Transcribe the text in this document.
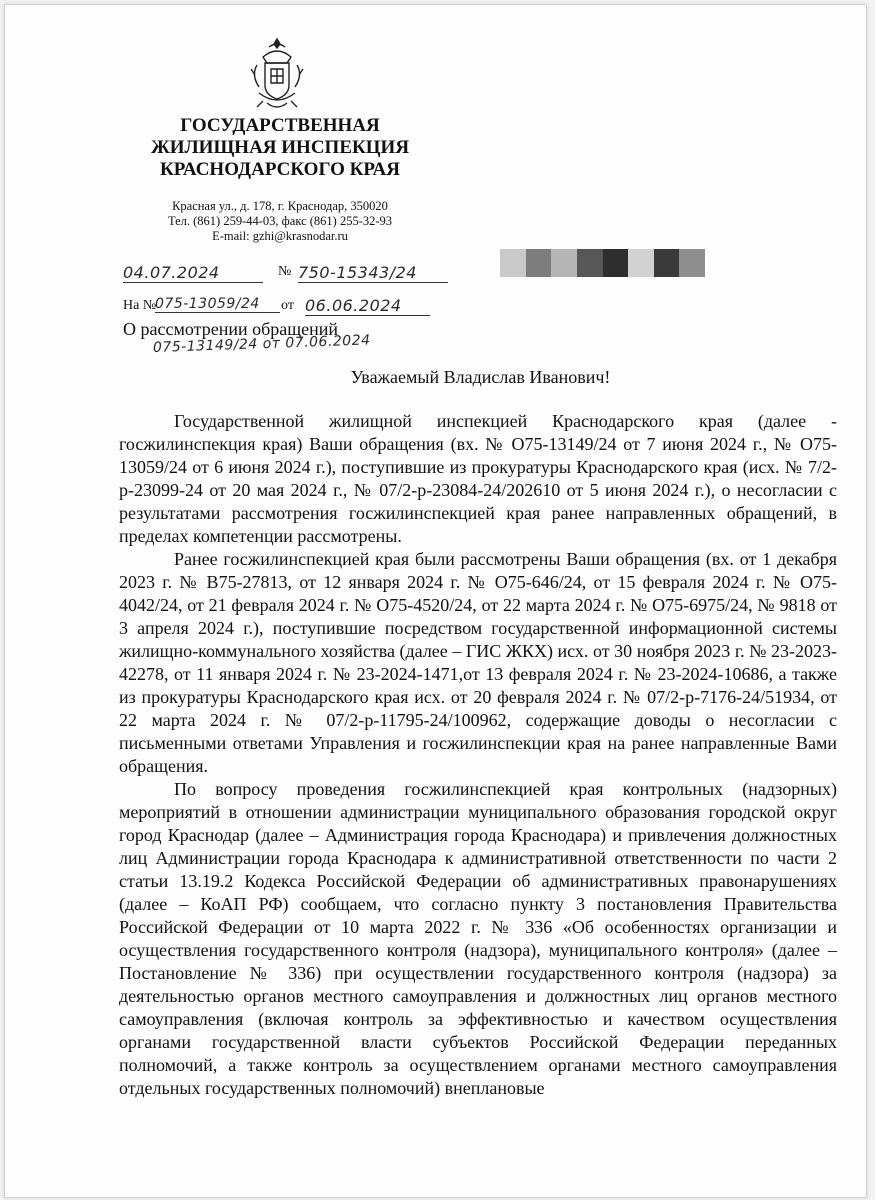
ГОСУДАРСТВЕННАЯ
ЖИЛИЩНАЯ ИНСПЕКЦИЯ
КРАСНОДАРСКОГО КРАЯ
Красная ул., д. 178, г. Краснодар, 350020
Тел. (861) 259-44-03, факс (861) 255-32-93
E-mail: gzhi@krasnodar.ru
04.07.2024	№ 750-15343/24
На №
075-13059/24	от 06.06.2024
О рассмотрении обращений
075-13149/24 от 07.06.2024
Уважаемый Владислав Иванович!

Государственной жилищной инспекцией Краснодарского края (далее - госжилинспекция края) Ваши обращения (вх. № О75-13149/24 от 7 июня 2024 г., № О75-13059/24 от 6 июня 2024 г.), поступившие из прокуратуры Краснодарского края (исх. № 7/2-р-23099-24 от 20 мая 2024 г., № 07/2-р-23084-24/202610 от 5 июня 2024 г.), о несогласии с результатами рассмотрения госжилинспекцией края ранее направленных обращений, в пределах компетенции рассмотрены.

Ранее госжилинспекцией края были рассмотрены Ваши обращения (вх. от 1 декабря 2023 г. № В75-27813, от 12 января 2024 г. № О75-646/24, от 15 февраля 2024 г. № О75-4042/24, от 21 февраля 2024 г. № О75-4520/24, от 22 марта 2024 г. № О75-6975/24, № 9818 от 3 апреля 2024 г.), поступившие посредством государственной информационной системы жилищно-коммунального хозяйства (далее – ГИС ЖКХ) исх. от 30 ноября 2023 г. № 23-2023-42278, от 11 января 2024 г. № 23-2024-1471,от 13 февраля 2024 г. № 23-2024-10686, а также из прокуратуры Краснодарского края исх. от 20 февраля 2024 г. № 07/2-р-7176-24/51934, от 22 марта 2024 г. № 07/2-р-11795-24/100962, содержащие доводы о несогласии с письменными ответами Управления и госжилинспекции края на ранее направленные Вами обращения.

По вопросу проведения госжилинспекцией края контрольных (надзорных) мероприятий в отношении администрации муниципального образования городской округ город Краснодар (далее – Администрация города Краснодара) и привлечения должностных лиц Администрации города Краснодара к административной ответственности по части 2 статьи 13.19.2 Кодекса Российской Федерации об административных правонарушениях (далее – КоАП РФ) сообщаем, что согласно пункту 3 постановления Правительства Российской Федерации от 10 марта 2022 г. № 336 «Об особенностях организации и осуществления государственного контроля (надзора), муниципального контроля» (далее – Постановление № 336) при осуществлении государственного контроля (надзора) за деятельностью органов местного самоуправления и должностных лиц органов местного самоуправления (включая контроль за эффективностью и качеством осуществления органами государственной власти субъектов Российской Федерации переданных полномочий, а также контроль за осуществлением органами местного самоуправления отдельных государственных полномочий) внеплановые
